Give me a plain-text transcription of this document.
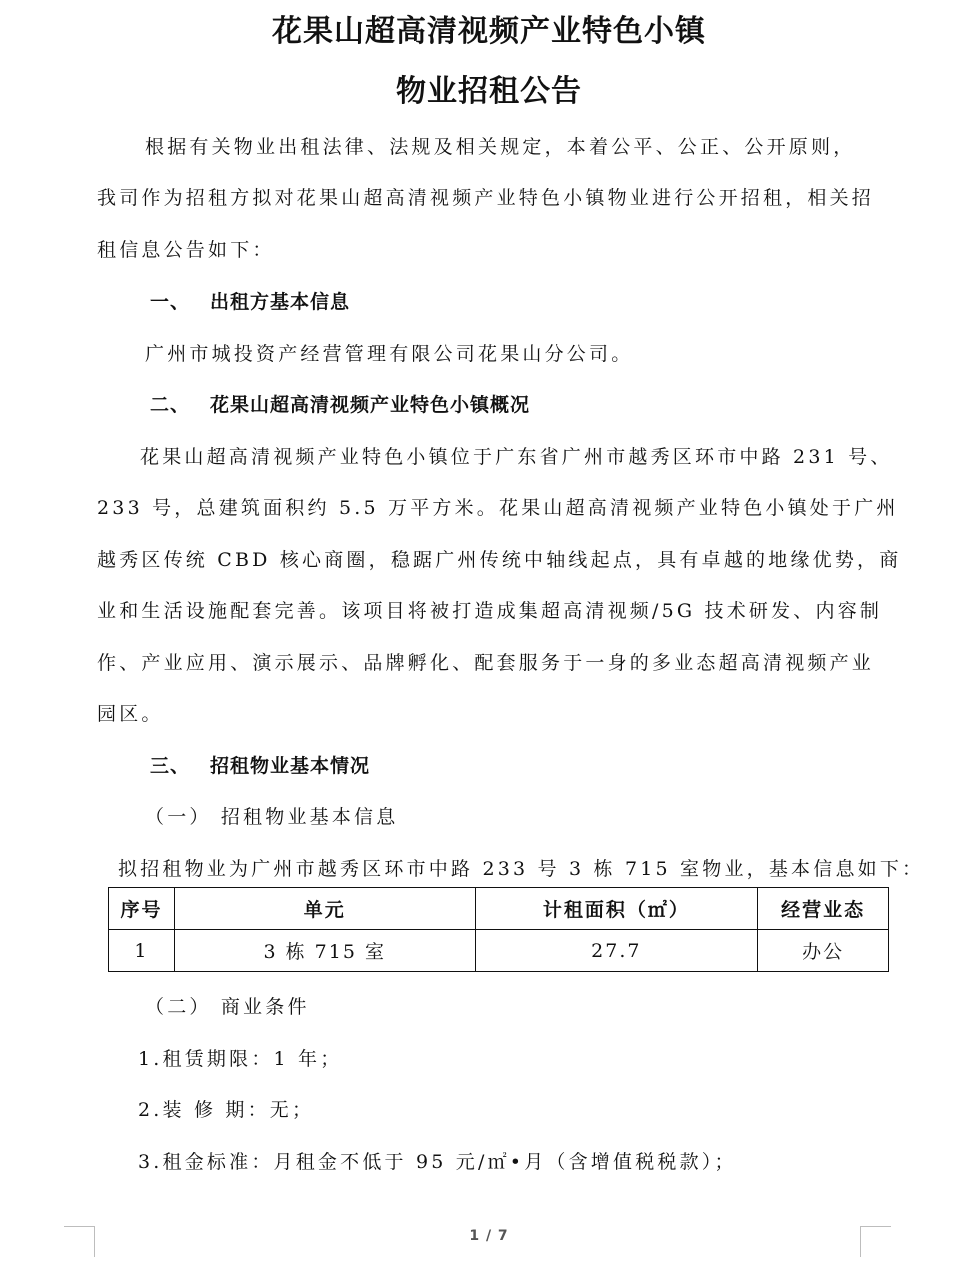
花果山超高清视频产业特色小镇
物业招租公告

根据有关物业出租法律、法规及相关规定，本着公平、公正、公开原则，

我司作为招租方拟对花果山超高清视频产业特色小镇物业进行公开招租，相关招

租信息公告如下：

一、 出租方基本信息

广州市城投资产经营管理有限公司花果山分公司。

二、 花果山超高清视频产业特色小镇概况

花果山超高清视频产业特色小镇位于广东省广州市越秀区环市中路 231 号、

233 号，总建筑面积约 5.5 万平方米。花果山超高清视频产业特色小镇处于广州

越秀区传统 CBD 核心商圈，稳踞广州传统中轴线起点，具有卓越的地缘优势，商

业和生活设施配套完善。该项目将被打造成集超高清视频/5G 技术研发、内容制

作、产业应用、演示展示、品牌孵化、配套服务于一身的多业态超高清视频产业

园区。

三、 招租物业基本情况

（一） 招租物业基本信息

拟招租物业为广州市越秀区环市中路 233 号 3 栋 715 室物业，基本信息如下：

序号	单元	计租面积（㎡）	经营业态
1	3 栋 715 室	27.7	办公

（二） 商业条件

1.租赁期限：1 年；

2.装 修 期：无；

3.租金标准：月租金不低于 95 元/㎡•月（含增值税税款）；

1 / 7
